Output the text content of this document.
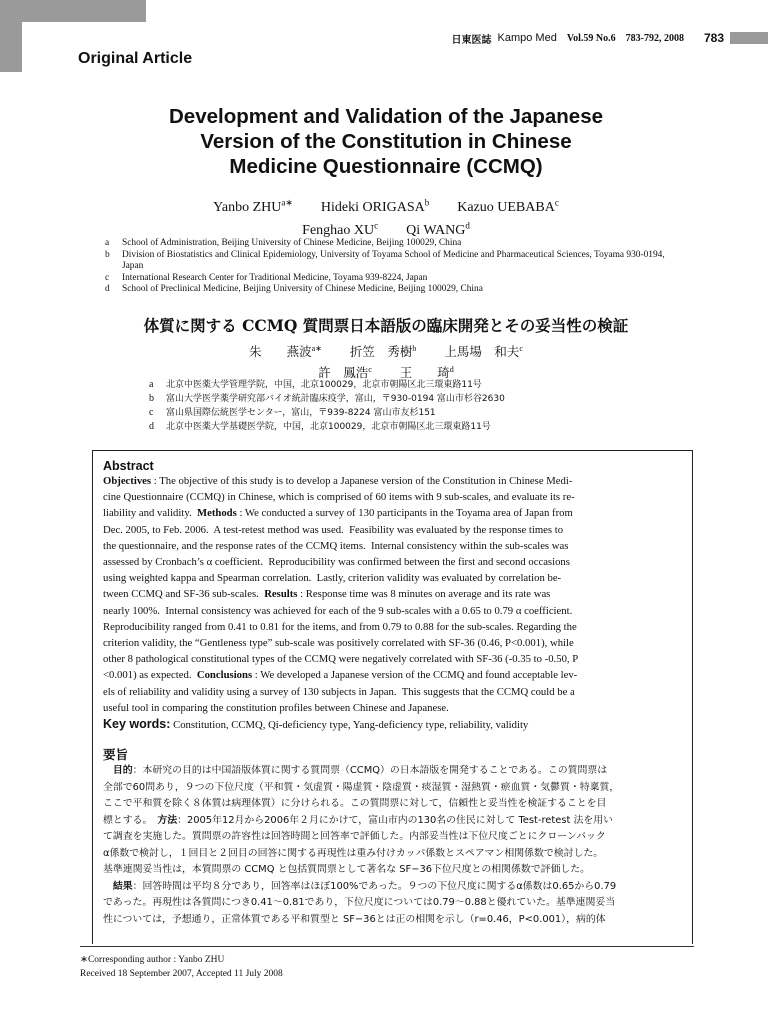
日東医誌 Kampo Med Vol.59 No.6 783-792, 2008 783
Original Article
Development and Validation of the Japanese
Version of the Constitution in Chinese
Medicine Questionnaire (CCMQ)
Yanbo $ZHU^{a∗}$ Hideki ORIGASA$^b$ Kazuo UEBABA$^c$
Fenghao $XU^c$ Qi WANG$^d$
a	School of Administration, Beijing University of Chinese Medicine, Beijing 100029, China
b	Division of Biostatistics and Clinical Epidemiology, University of Toyama School of Medicine and Pharmaceutical Sciences, Toyama 930-0194, Japan
c	International Research Center for Traditional Medicine, Toyama 939-8224, Japan
d	School of Preclinical Medicine, Beijing University of Chinese Medicine, Beijing 100029, China
体質に関する CCMQ 質問票日本語版の臨床開発とその妥当性の検証
朱　　燕波$^{a∗}$ 折笠　秀樹$^b$ 上馬場　和夫$^c$
許　鳳浩$^c$ 王　　琦$^d$
a	北京中医薬大学管理学院，中国，北京100029，北京市朝陽区北三環東路11号
b	富山大学医学薬学研究部バイオ統計臨床疫学，富山，〒930-0194 富山市杉谷2630
c	富山県国際伝統医学センター，富山，〒939-8224 富山市友杉151
d	北京中医薬大学基礎医学院，中国，北京100029，北京市朝陽区北三環東路11号
Abstract
Objectives : The objective of this study is to develop a Japanese version of the Constitution in Chinese Medi-
cine Questionnaire (CCMQ) in Chinese, which is comprised of 60 items with 9 sub-scales, and evaluate its re-
liability and validity.  Methods : We conducted a survey of 130 participants in the Toyama area of Japan from
Dec. 2005, to Feb. 2006.  A test-retest method was used.  Feasibility was evaluated by the response times to
the questionnaire, and the response rates of the CCMQ items.  Internal consistency within the sub-scales was
assessed by Cronbach’s α coefficient.  Reproducibility was confirmed between the first and second occasions
using weighted kappa and Spearman correlation.  Lastly, criterion validity was evaluated by correlation be-
tween CCMQ and SF-36 sub-scales.  Results : Response time was 8 minutes on average and its rate was
nearly 100%.  Internal consistency was achieved for each of the 9 sub-scales with a 0.65 to 0.79 α coefficient.
Reproducibility ranged from 0.41 to 0.81 for the items, and from 0.79 to 0.88 for the sub-scales. Regarding the
criterion validity, the “Gentleness type” sub-scale was positively correlated with SF-36 (0.46, P<0.001), while
other 8 pathological constitutional types of the CCMQ were negatively correlated with SF-36 (-0.35 to -0.50, P
<0.001) as expected.  Conclusions : We developed a Japanese version of the CCMQ and found acceptable lev-
els of reliability and validity using a survey of 130 subjects in Japan.  This suggests that the CCMQ could be a
useful tool in comparing the constitution profiles between Chinese and Japanese.
Key words: Constitution, CCMQ, Qi-deficiency type, Yang-deficiency type, reliability, validity
要旨
　目的：本研究の目的は中国語版体質に関する質問票（CCMQ）の日本語版を開発することである。この質問票は
全部で60問あり，９つの下位尺度（平和質・気虚質・陽虚質・陰虚質・痰湿質・湿熱質・瘀血質・気鬱質・特稟質，
ここで平和質を除く８体質は病理体質）に分けられる。この質問票に対して，信頼性と妥当性を検証することを目
標とする。　方法：2005年12月から2006年２月にかけて，富山市内の130名の住民に対して Test-retest 法を用い
て調査を実施した。質問票の許容性は回答時間と回答率で評価した。内部妥当性は下位尺度ごとにクローンバック
α係数で検討し，１回目と２回目の回答に関する再現性は重み付けカッパ係数とスペアマン相関係数で検討した。
基準連関妥当性は，本質問票の CCMQ と包括質問票として著名な SF−36下位尺度との相関係数で評価した。
　結果：回答時間は平均８分であり，回答率はほぼ100%であった。９つの下位尺度に関するα係数は0.65から0.79
であった。再現性は各質問につき0.41〜0.81であり，下位尺度については0.79〜0.88と優れていた。基準連関妥当
性については，予想通り，正常体質である平和質型と SF−36とは正の相関を示し（r=0.46，P<0.001），病的体
∗Corresponding author : Yanbo ZHU
Received 18 September 2007, Accepted 11 July 2008
